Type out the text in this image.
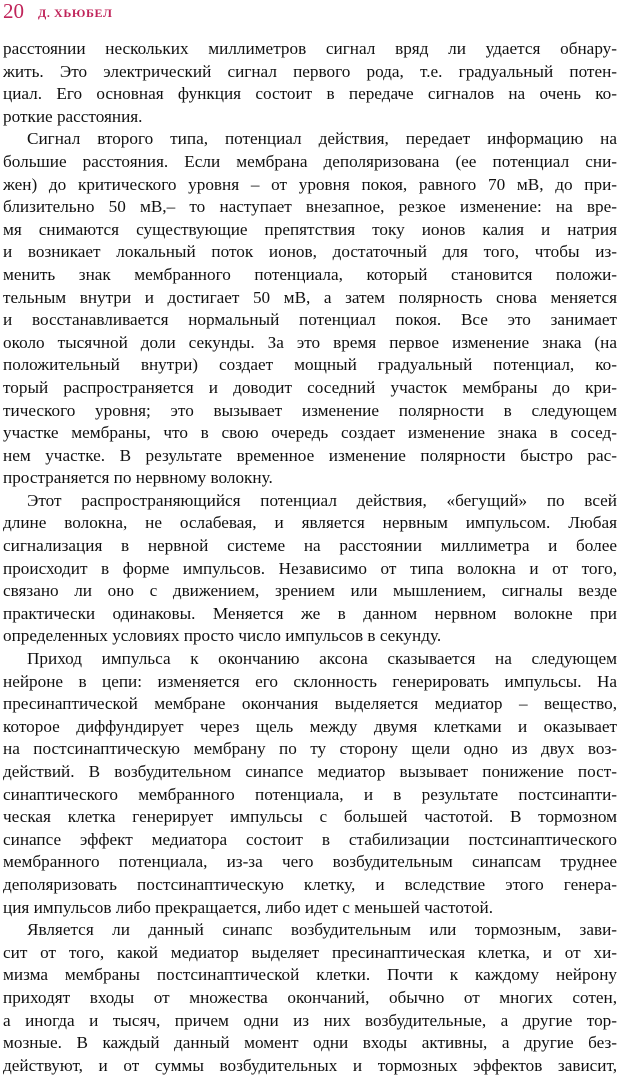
20 Д. ХЬЮБЕЛ
расстоянии нескольких миллиметров сигнал вряд ли удается обнару-
жить. Это электрический сигнал первого рода, т.е. градуальный потен-
циал. Его основная функция состоит в передаче сигналов на очень ко-
роткие расстояния.
Сигнал второго типа, потенциал действия, передает информацию на
большие расстояния. Если мембрана деполяризована (ее потенциал сни-
жен) до критического уровня – от уровня покоя, равного 70 мВ, до при-
близительно 50 мВ,– то наступает внезапное, резкое изменение: на вре-
мя снимаются существующие препятствия току ионов калия и натрия
и возникает локальный поток ионов, достаточный для того, чтобы из-
менить знак мембранного потенциала, который становится положи-
тельным внутри и достигает 50 мВ, а затем полярность снова меняется
и восстанавливается нормальный потенциал покоя. Все это занимает
около тысячной доли секунды. За это время первое изменение знака (на
положительный внутри) создает мощный градуальный потенциал, ко-
торый распространяется и доводит соседний участок мембраны до кри-
тического уровня; это вызывает изменение полярности в следующем
участке мембраны, что в свою очередь создает изменение знака в сосед-
нем участке. В результате временное изменение полярности быстро рас-
пространяется по нервному волокну.
Этот распространяющийся потенциал действия, «бегущий» по всей
длине волокна, не ослабевая, и является нервным импульсом. Любая
сигнализация в нервной системе на расстоянии миллиметра и более
происходит в форме импульсов. Независимо от типа волокна и от того,
связано ли оно с движением, зрением или мышлением, сигналы везде
практически одинаковы. Меняется же в данном нервном волокне при
определенных условиях просто число импульсов в секунду.
Приход импульса к окончанию аксона сказывается на следующем
нейроне в цепи: изменяется его склонность генерировать импульсы. На
пресинаптической мембране окончания выделяется медиатор – вещество,
которое диффундирует через щель между двумя клетками и оказывает
на постсинаптическую мембрану по ту сторону щели одно из двух воз-
действий. В возбудительном синапсе медиатор вызывает понижение пост-
синаптического мембранного потенциала, и в результате постсинапти-
ческая клетка генерирует импульсы с большей частотой. В тормозном
синапсе эффект медиатора состоит в стабилизации постсинаптического
мембранного потенциала, из-за чего возбудительным синапсам труднее
деполяризовать постсинаптическую клетку, и вследствие этого генера-
ция импульсов либо прекращается, либо идет с меньшей частотой.
Является ли данный синапс возбудительным или тормозным, зави-
сит от того, какой медиатор выделяет пресинаптическая клетка, и от хи-
мизма мембраны постсинаптической клетки. Почти к каждому нейрону
приходят входы от множества окончаний, обычно от многих сотен,
а иногда и тысяч, причем одни из них возбудительные, а другие тор-
мозные. В каждый данный момент одни входы активны, а другие без-
действуют, и от суммы возбудительных и тормозных эффектов зависит,
